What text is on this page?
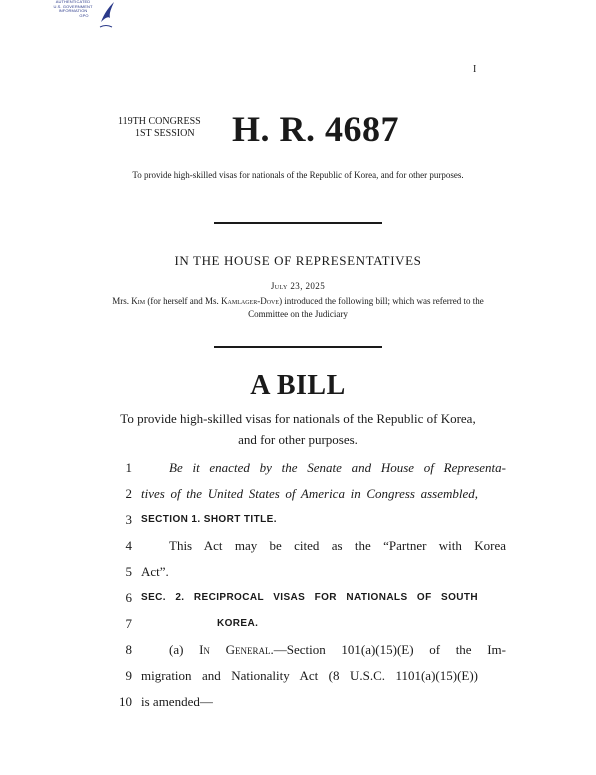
AUTHENTICATED
U.S. GOVERNMENT
INFORMATION
GPO
I
119TH CONGRESS
1ST SESSION	H. R. 4687
To provide high-skilled visas for nationals of the Republic of Korea, and for other purposes.
IN THE HOUSE OF REPRESENTATIVES
July 23, 2025
Mrs. Kim (for herself and Ms. Kamlager-Dove) introduced the following bill; which was referred to the Committee on the Judiciary
A BILL
To provide high-skilled visas for nationals of the Republic of Korea, and for other purposes.
1	Be it enacted by the Senate and House of Representa-
2 tives of the United States of America in Congress assembled,
3 SECTION 1. SHORT TITLE.
4	This Act may be cited as the “Partner with Korea
5 Act”.
6 SEC. 2. RECIPROCAL VISAS FOR NATIONALS OF SOUTH
7	KOREA.
8	(a) In General.—Section 101(a)(15)(E) of the Im-
9 migration and Nationality Act (8 U.S.C. 1101(a)(15)(E))
10 is amended—
